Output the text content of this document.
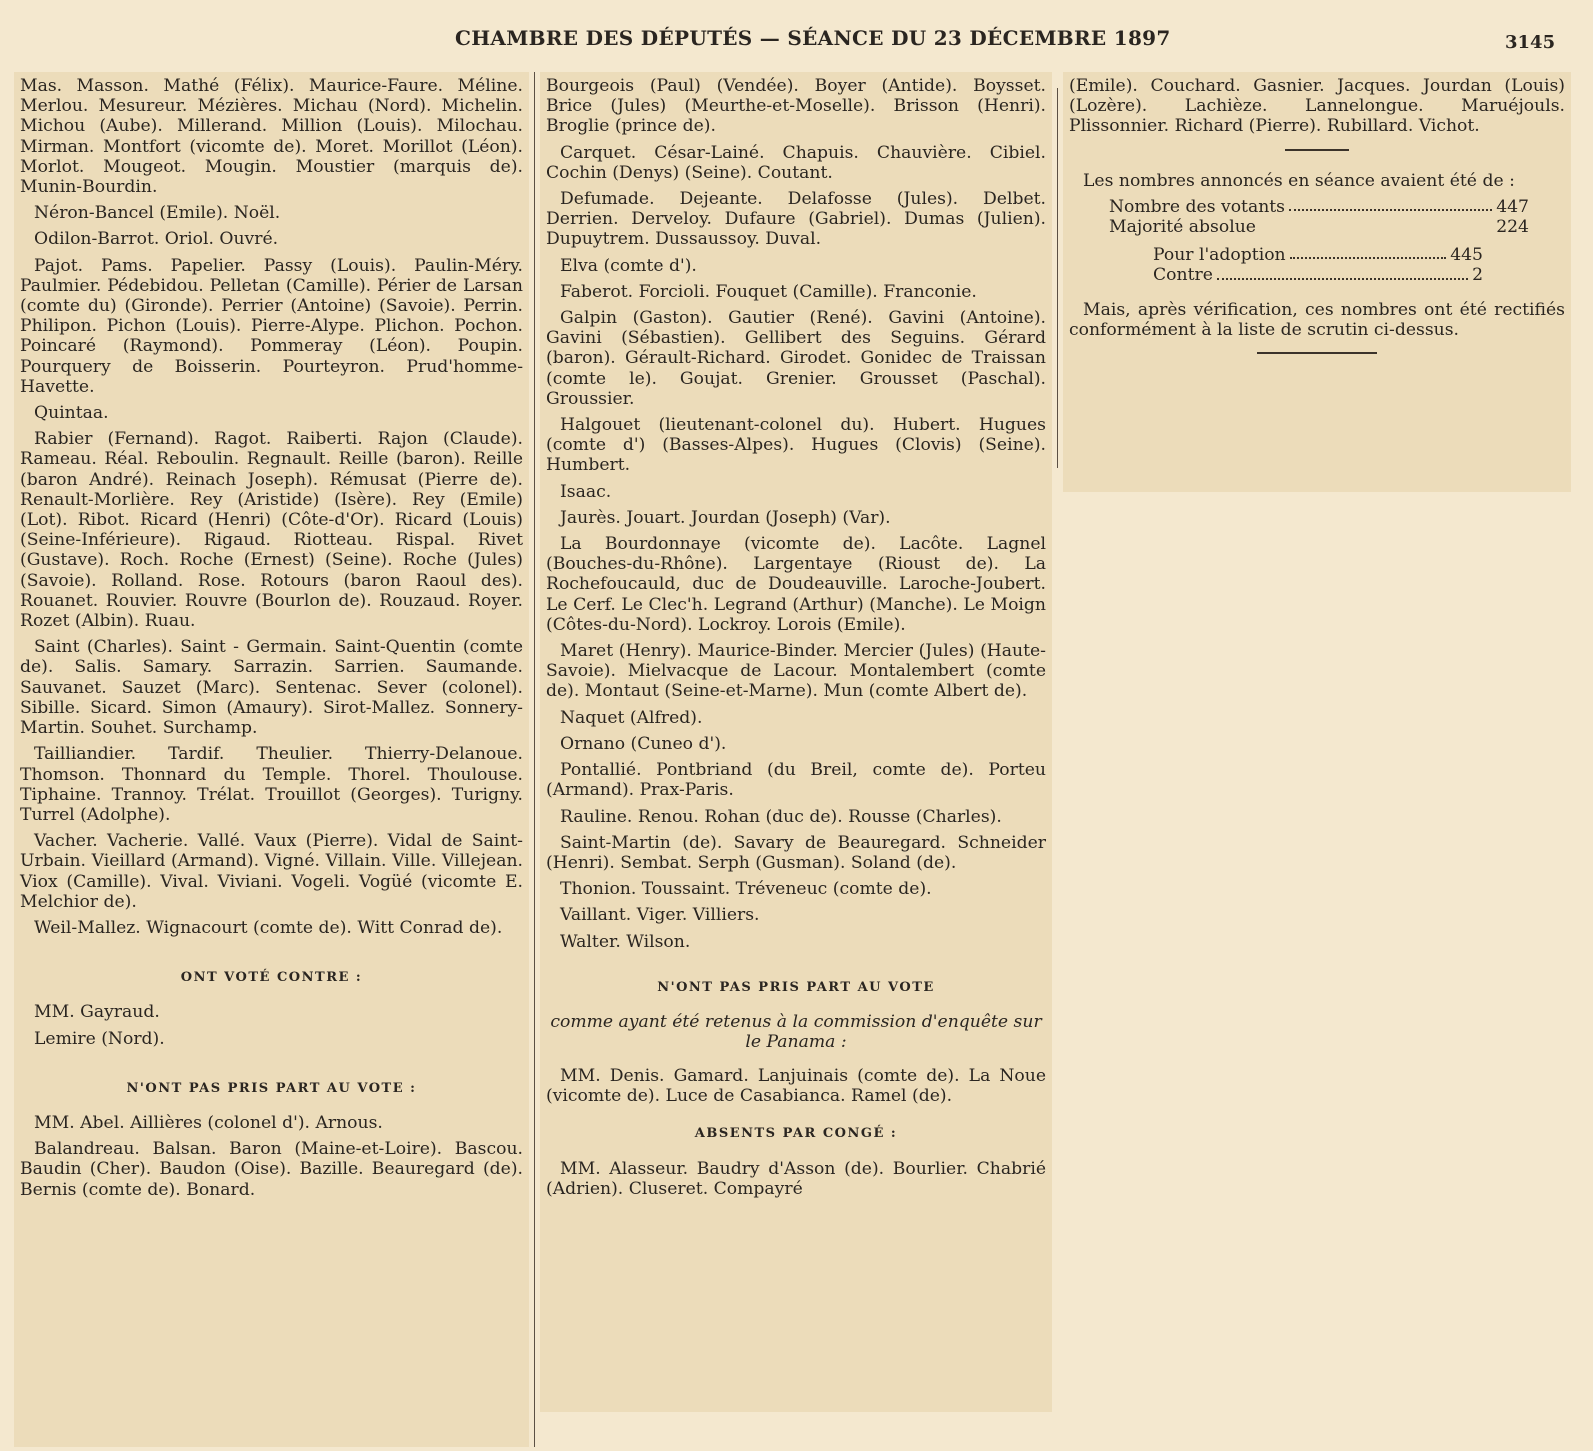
CHAMBRE DES DÉPUTÉS — SÉANCE DU 23 DÉCEMBRE 1897	3145

Mas. Masson. Mathé (Félix). Maurice-Faure. Méline. Merlou. Mesureur. Mézières. Michau (Nord). Michelin. Michou (Aube). Millerand. Million (Louis). Milochau. Mirman. Montfort (vicomte de). Moret. Morillot (Léon). Morlot. Mougeot. Mougin. Moustier (marquis de). Munin-Bourdin.

Néron-Bancel (Emile). Noël.

Odilon-Barrot. Oriol. Ouvré.

Pajot. Pams. Papelier. Passy (Louis). Paulin-Méry. Paulmier. Pédebidou. Pelletan (Camille). Périer de Larsan (comte du) (Gironde). Perrier (Antoine) (Savoie). Perrin. Philipon. Pichon (Louis). Pierre-Alype. Plichon. Pochon. Poincaré (Raymond). Pommeray (Léon). Poupin. Pourquery de Boisserin. Pourteyron. Prud'homme-Havette.

Quintaa.

Rabier (Fernand). Ragot. Raiberti. Rajon (Claude). Rameau. Réal. Reboulin. Regnault. Reille (baron). Reille (baron André). Reinach Joseph). Rémusat (Pierre de). Renault-Morlière. Rey (Aristide) (Isère). Rey (Emile) (Lot). Ribot. Ricard (Henri) (Côte-d'Or). Ricard (Louis) (Seine-Inférieure). Rigaud. Riotteau. Rispal. Rivet (Gustave). Roch. Roche (Ernest) (Seine). Roche (Jules) (Savoie). Rolland. Rose. Rotours (baron Raoul des). Rouanet. Rouvier. Rouvre (Bourlon de). Rouzaud. Royer. Rozet (Albin). Ruau.

Saint (Charles). Saint - Germain. Saint-Quentin (comte de). Salis. Samary. Sarrazin. Sarrien. Saumande. Sauvanet. Sauzet (Marc). Sentenac. Sever (colonel). Sibille. Sicard. Simon (Amaury). Sirot-Mallez. Sonnery-Martin. Souhet. Surchamp.

Tailliandier. Tardif. Theulier. Thierry-Delanoue. Thomson. Thonnard du Temple. Thorel. Thoulouse. Tiphaine. Trannoy. Trélat. Trouillot (Georges). Turigny. Turrel (Adolphe).

Vacher. Vacherie. Vallé. Vaux (Pierre). Vidal de Saint-Urbain. Vieillard (Armand). Vigné. Villain. Ville. Villejean. Viox (Camille). Vival. Viviani. Vogeli. Vogüé (vicomte E. Melchior de).

Weil-Mallez. Wignacourt (comte de). Witt Conrad de).

ONT VOTÉ CONTRE :

MM. Gayraud.

Lemire (Nord).

N'ONT PAS PRIS PART AU VOTE :

MM. Abel. Aillières (colonel d'). Arnous.

Balandreau. Balsan. Baron (Maine-et-Loire). Bascou. Baudin (Cher). Baudon (Oise). Bazille. Beauregard (de). Bernis (comte de). Bonard.

Bourgeois (Paul) (Vendée). Boyer (Antide). Boysset. Brice (Jules) (Meurthe-et-Moselle). Brisson (Henri). Broglie (prince de).

Carquet. César-Lainé. Chapuis. Chauvière. Cibiel. Cochin (Denys) (Seine). Coutant.

Defumade. Dejeante. Delafosse (Jules). Delbet. Derrien. Derveloy. Dufaure (Gabriel). Dumas (Julien). Dupuytrem. Dussaussoy. Duval.

Elva (comte d').

Faberot. Forcioli. Fouquet (Camille). Franconie.

Galpin (Gaston). Gautier (René). Gavini (Antoine). Gavini (Sébastien). Gellibert des Seguins. Gérard (baron). Gérault-Richard. Girodet. Gonidec de Traissan (comte le). Goujat. Grenier. Grousset (Paschal). Groussier.

Halgouet (lieutenant-colonel du). Hubert. Hugues (comte d') (Basses-Alpes). Hugues (Clovis) (Seine). Humbert.

Isaac.

Jaurès. Jouart. Jourdan (Joseph) (Var).

La Bourdonnaye (vicomte de). Lacôte. Lagnel (Bouches-du-Rhône). Largentaye (Rioust de). La Rochefoucauld, duc de Doudeauville. Laroche-Joubert. Le Cerf. Le Clec'h. Legrand (Arthur) (Manche). Le Moign (Côtes-du-Nord). Lockroy. Lorois (Emile).

Maret (Henry). Maurice-Binder. Mercier (Jules) (Haute-Savoie). Mielvacque de Lacour. Montalembert (comte de). Montaut (Seine-et-Marne). Mun (comte Albert de).

Naquet (Alfred).

Ornano (Cuneo d').

Pontallié. Pontbriand (du Breil, comte de). Porteu (Armand). Prax-Paris.

Rauline. Renou. Rohan (duc de). Rousse (Charles).

Saint-Martin (de). Savary de Beauregard. Schneider (Henri). Sembat. Serph (Gusman). Soland (de).

Thonion. Toussaint. Tréveneuc (comte de).

Vaillant. Viger. Villiers.

Walter. Wilson.

N'ONT PAS PRIS PART AU VOTE
comme ayant été retenus à la commission d'enquête sur le Panama :

MM. Denis. Gamard. Lanjuinais (comte de). La Noue (vicomte de). Luce de Casabianca. Ramel (de).

ABSENTS PAR CONGÉ :

MM. Alasseur. Baudry d'Asson (de). Bourlier. Chabrié (Adrien). Cluseret. Compayré

(Emile). Couchard. Gasnier. Jacques. Jourdan (Louis) (Lozère). Lachièze. Lannelongue. Maruéjouls. Plissonnier. Richard (Pierre). Rubillard. Vichot.

Les nombres annoncés en séance avaient été de :

Nombre des votants	447
Majorité absolue	224
Pour l'adoption	445
Contre	2

Mais, après vérification, ces nombres ont été rectifiés conformément à la liste de scrutin ci-dessus.
